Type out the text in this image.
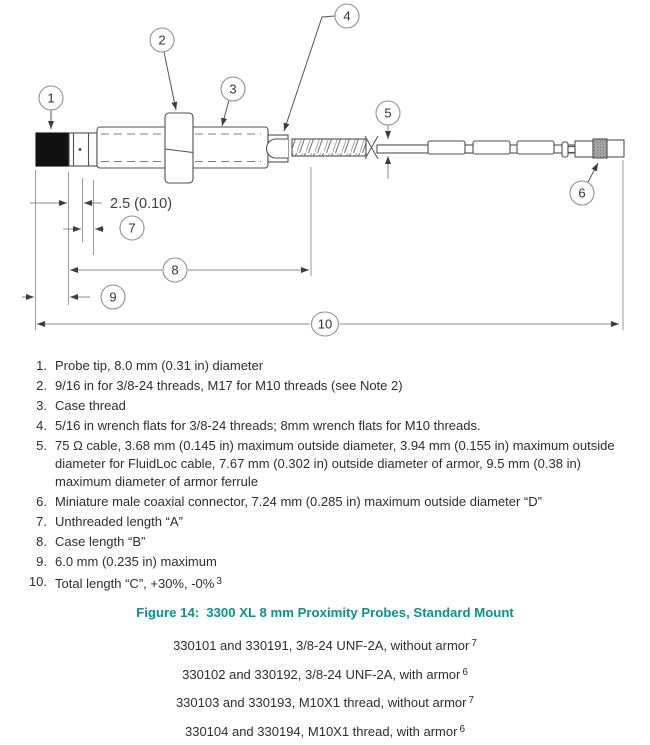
2.5 (0.10)
1
2
3
4
5
6
7
8
9
10
1. Probe tip, 8.0 mm (0.31 in) diameter
2. 9/16 in for 3/8-24 threads, M17 for M10 threads (see Note 2)
3. Case thread
4. 5/16 in wrench flats for 3/8-24 threads; 8mm wrench flats for M10 threads.
5. 75 Ω cable, 3.68 mm (0.145 in) maximum outside diameter, 3.94 mm (0.155 in) maximum outside diameter for FluidLoc cable, 7.67 mm (0.302 in) outside diameter of armor, 9.5 mm (0.38 in) maximum diameter of armor ferrule
6. Miniature male coaxial connector, 7.24 mm (0.285 in) maximum outside diameter “D”
7. Unthreaded length “A”
8. Case length “B”
9. 6.0 mm (0.235 in) maximum
10. Total length “C”, +30%, -0% $^3$
Figure 14: 3300 XL 8 mm Proximity Probes, Standard Mount
330101 and 330191, 3/8-24 UNF-2A, without armor $^7$
330102 and 330192, 3/8-24 UNF-2A, with armor $^6$
330103 and 330193, M10X1 thread, without armor $^7$
330104 and 330194, M10X1 thread, with armor $^6$
